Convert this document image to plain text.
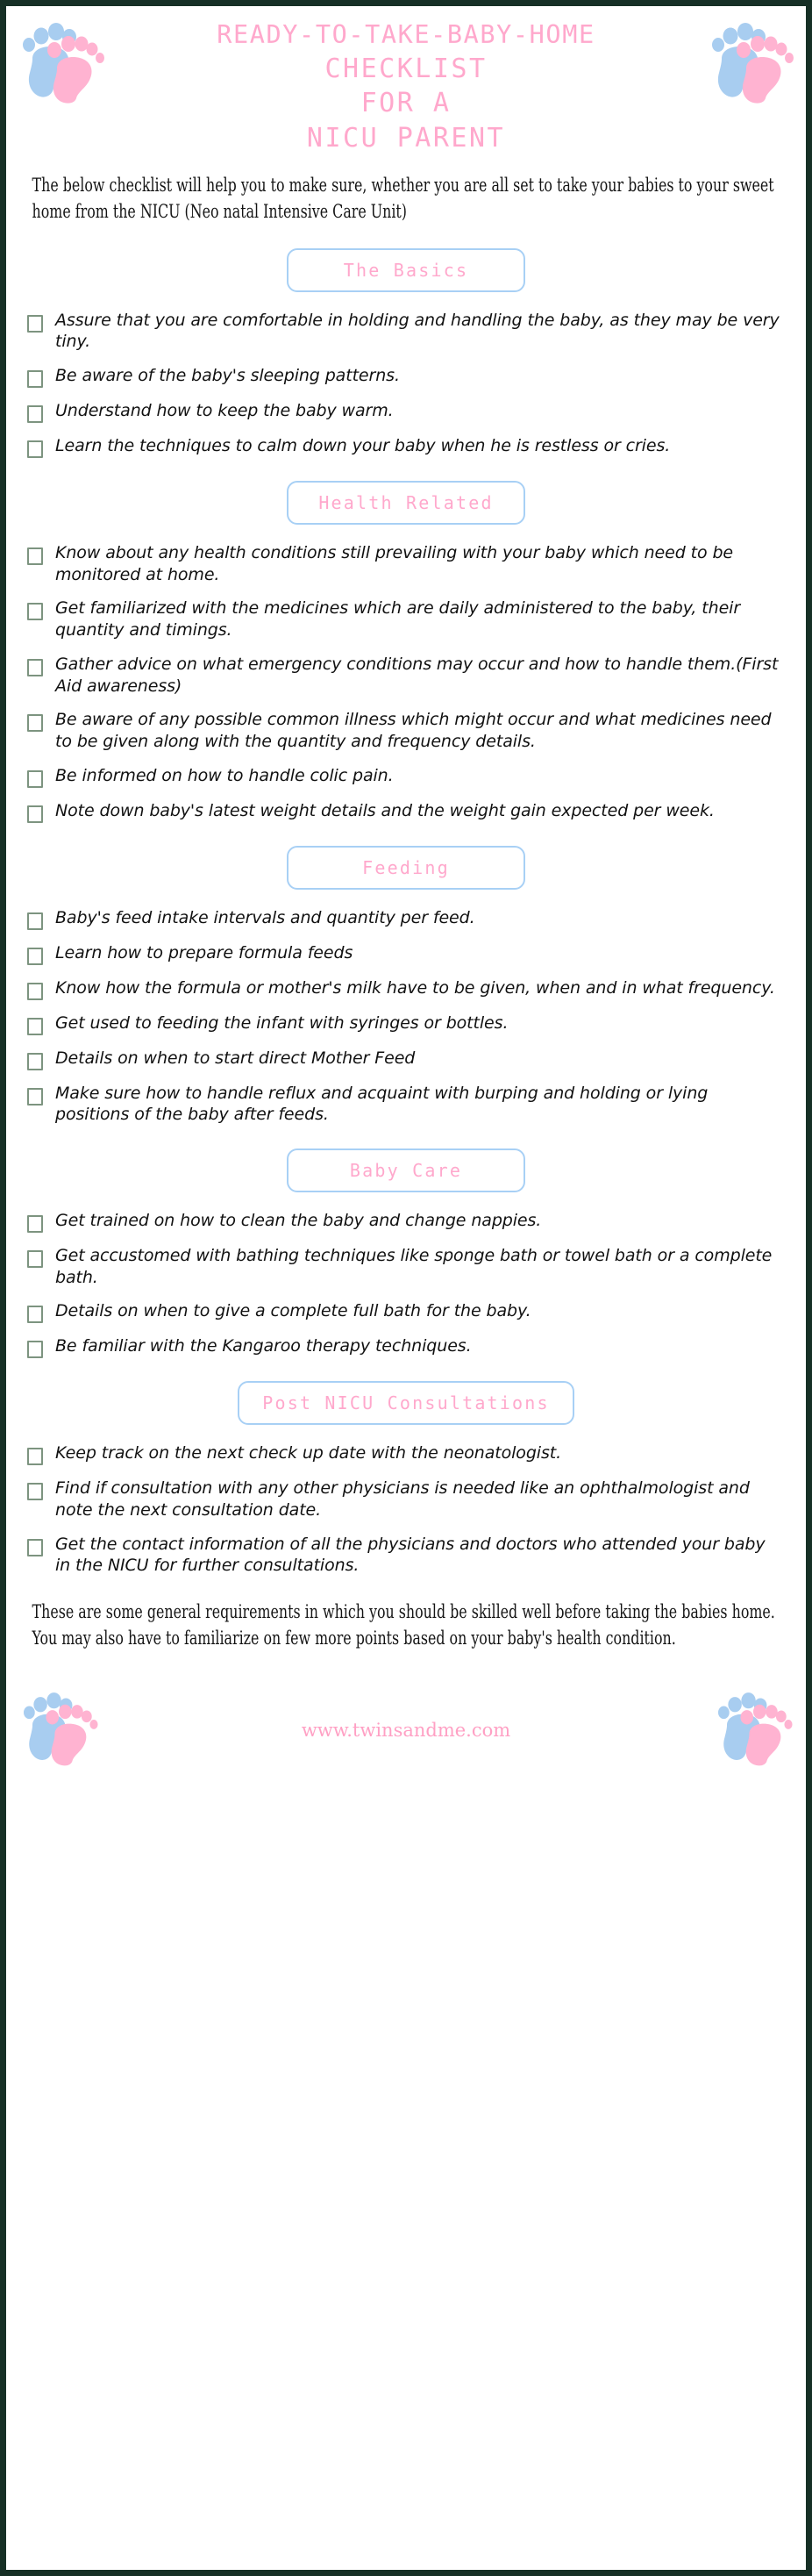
READY-TO-TAKE-BABY-HOME
CHECKLIST
FOR A
NICU PARENT
The below checklist will help you to make sure, whether you are all set to take your babies to your sweet home from the NICU (Neo natal Intensive Care Unit)
The Basics
Assure that you are comfortable in holding and handling the baby, as they may be very tiny.
Be aware of the baby's sleeping patterns.
Understand how to keep the baby warm.
Learn the techniques to calm down your baby when he is restless or cries.
Health Related
Know about any health conditions still prevailing with your baby which need to be monitored at home.
Get familiarized with the medicines which are daily administered to the baby, their quantity and timings.
Gather advice on what emergency conditions may occur and how to handle them.(First Aid awareness)
Be aware of any possible common illness which might occur and what medicines need to be given along with the quantity and frequency details.
Be informed on how to handle colic pain.
Note down baby's latest weight details and the weight gain expected per week.
Feeding
Baby's feed intake intervals and quantity per feed.
Learn how to prepare formula feeds
Know how the formula or mother's milk have to be given, when and in what frequency.
Get used to feeding the infant with syringes or bottles.
Details on when to start direct Mother Feed
Make sure how to handle reflux and acquaint with burping and holding or lying positions of the baby after feeds.
Baby Care
Get trained on how to clean the baby and change nappies.
Get accustomed with bathing techniques like sponge bath or towel bath or a complete bath.
Details on when to give a complete full bath for the baby.
Be familiar with the Kangaroo therapy techniques.
Post NICU Consultations
Keep track on the next check up date with the neonatologist.
Find if consultation with any other physicians is needed like an ophthalmologist and note the next consultation date.
Get the contact information of all the physicians and doctors who attended your baby in the NICU for further consultations.
These are some general requirements in which you should be skilled well before taking the babies home. You may also have to familiarize on few more points based on your baby's health condition.
www.twinsandme.com
